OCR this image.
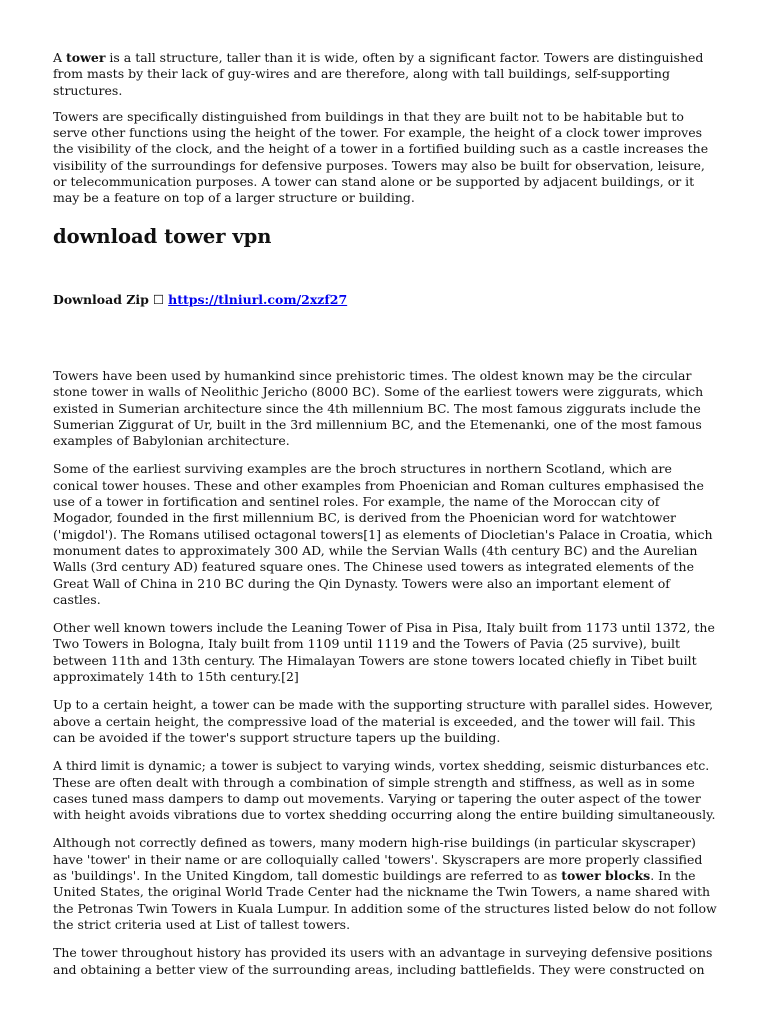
A tower is a tall structure, taller than it is wide, often by a significant factor. Towers are distinguished from masts by their lack of guy-wires and are therefore, along with tall buildings, self-supporting structures.

Towers are specifically distinguished from buildings in that they are built not to be habitable but to serve other functions using the height of the tower. For example, the height of a clock tower improves the visibility of the clock, and the height of a tower in a fortified building such as a castle increases the visibility of the surroundings for defensive purposes. Towers may also be built for observation, leisure, or telecommunication purposes. A tower can stand alone or be supported by adjacent buildings, or it may be a feature on top of a larger structure or building.

download tower vpn
Download Zip ☐ https://tlniurl.com/2xzf27

Towers have been used by humankind since prehistoric times. The oldest known may be the circular stone tower in walls of Neolithic Jericho (8000 BC). Some of the earliest towers were ziggurats, which existed in Sumerian architecture since the 4th millennium BC. The most famous ziggurats include the Sumerian Ziggurat of Ur, built in the 3rd millennium BC, and the Etemenanki, one of the most famous examples of Babylonian architecture.

Some of the earliest surviving examples are the broch structures in northern Scotland, which are conical tower houses. These and other examples from Phoenician and Roman cultures emphasised the use of a tower in fortification and sentinel roles. For example, the name of the Moroccan city of Mogador, founded in the first millennium BC, is derived from the Phoenician word for watchtower ('migdol'). The Romans utilised octagonal towers[1] as elements of Diocletian's Palace in Croatia, which monument dates to approximately 300 AD, while the Servian Walls (4th century BC) and the Aurelian Walls (3rd century AD) featured square ones. The Chinese used towers as integrated elements of the Great Wall of China in 210 BC during the Qin Dynasty. Towers were also an important element of castles.

Other well known towers include the Leaning Tower of Pisa in Pisa, Italy built from 1173 until 1372, the Two Towers in Bologna, Italy built from 1109 until 1119 and the Towers of Pavia (25 survive), built between 11th and 13th century. The Himalayan Towers are stone towers located chiefly in Tibet built approximately 14th to 15th century.[2]

Up to a certain height, a tower can be made with the supporting structure with parallel sides. However, above a certain height, the compressive load of the material is exceeded, and the tower will fail. This can be avoided if the tower's support structure tapers up the building.

A third limit is dynamic; a tower is subject to varying winds, vortex shedding, seismic disturbances etc. These are often dealt with through a combination of simple strength and stiffness, as well as in some cases tuned mass dampers to damp out movements. Varying or tapering the outer aspect of the tower with height avoids vibrations due to vortex shedding occurring along the entire building simultaneously.

Although not correctly defined as towers, many modern high-rise buildings (in particular skyscraper) have 'tower' in their name or are colloquially called 'towers'. Skyscrapers are more properly classified as 'buildings'. In the United Kingdom, tall domestic buildings are referred to as tower blocks. In the United States, the original World Trade Center had the nickname the Twin Towers, a name shared with the Petronas Twin Towers in Kuala Lumpur. In addition some of the structures listed below do not follow the strict criteria used at List of tallest towers.

The tower throughout history has provided its users with an advantage in surveying defensive positions and obtaining a better view of the surrounding areas, including battlefields. They were constructed on
